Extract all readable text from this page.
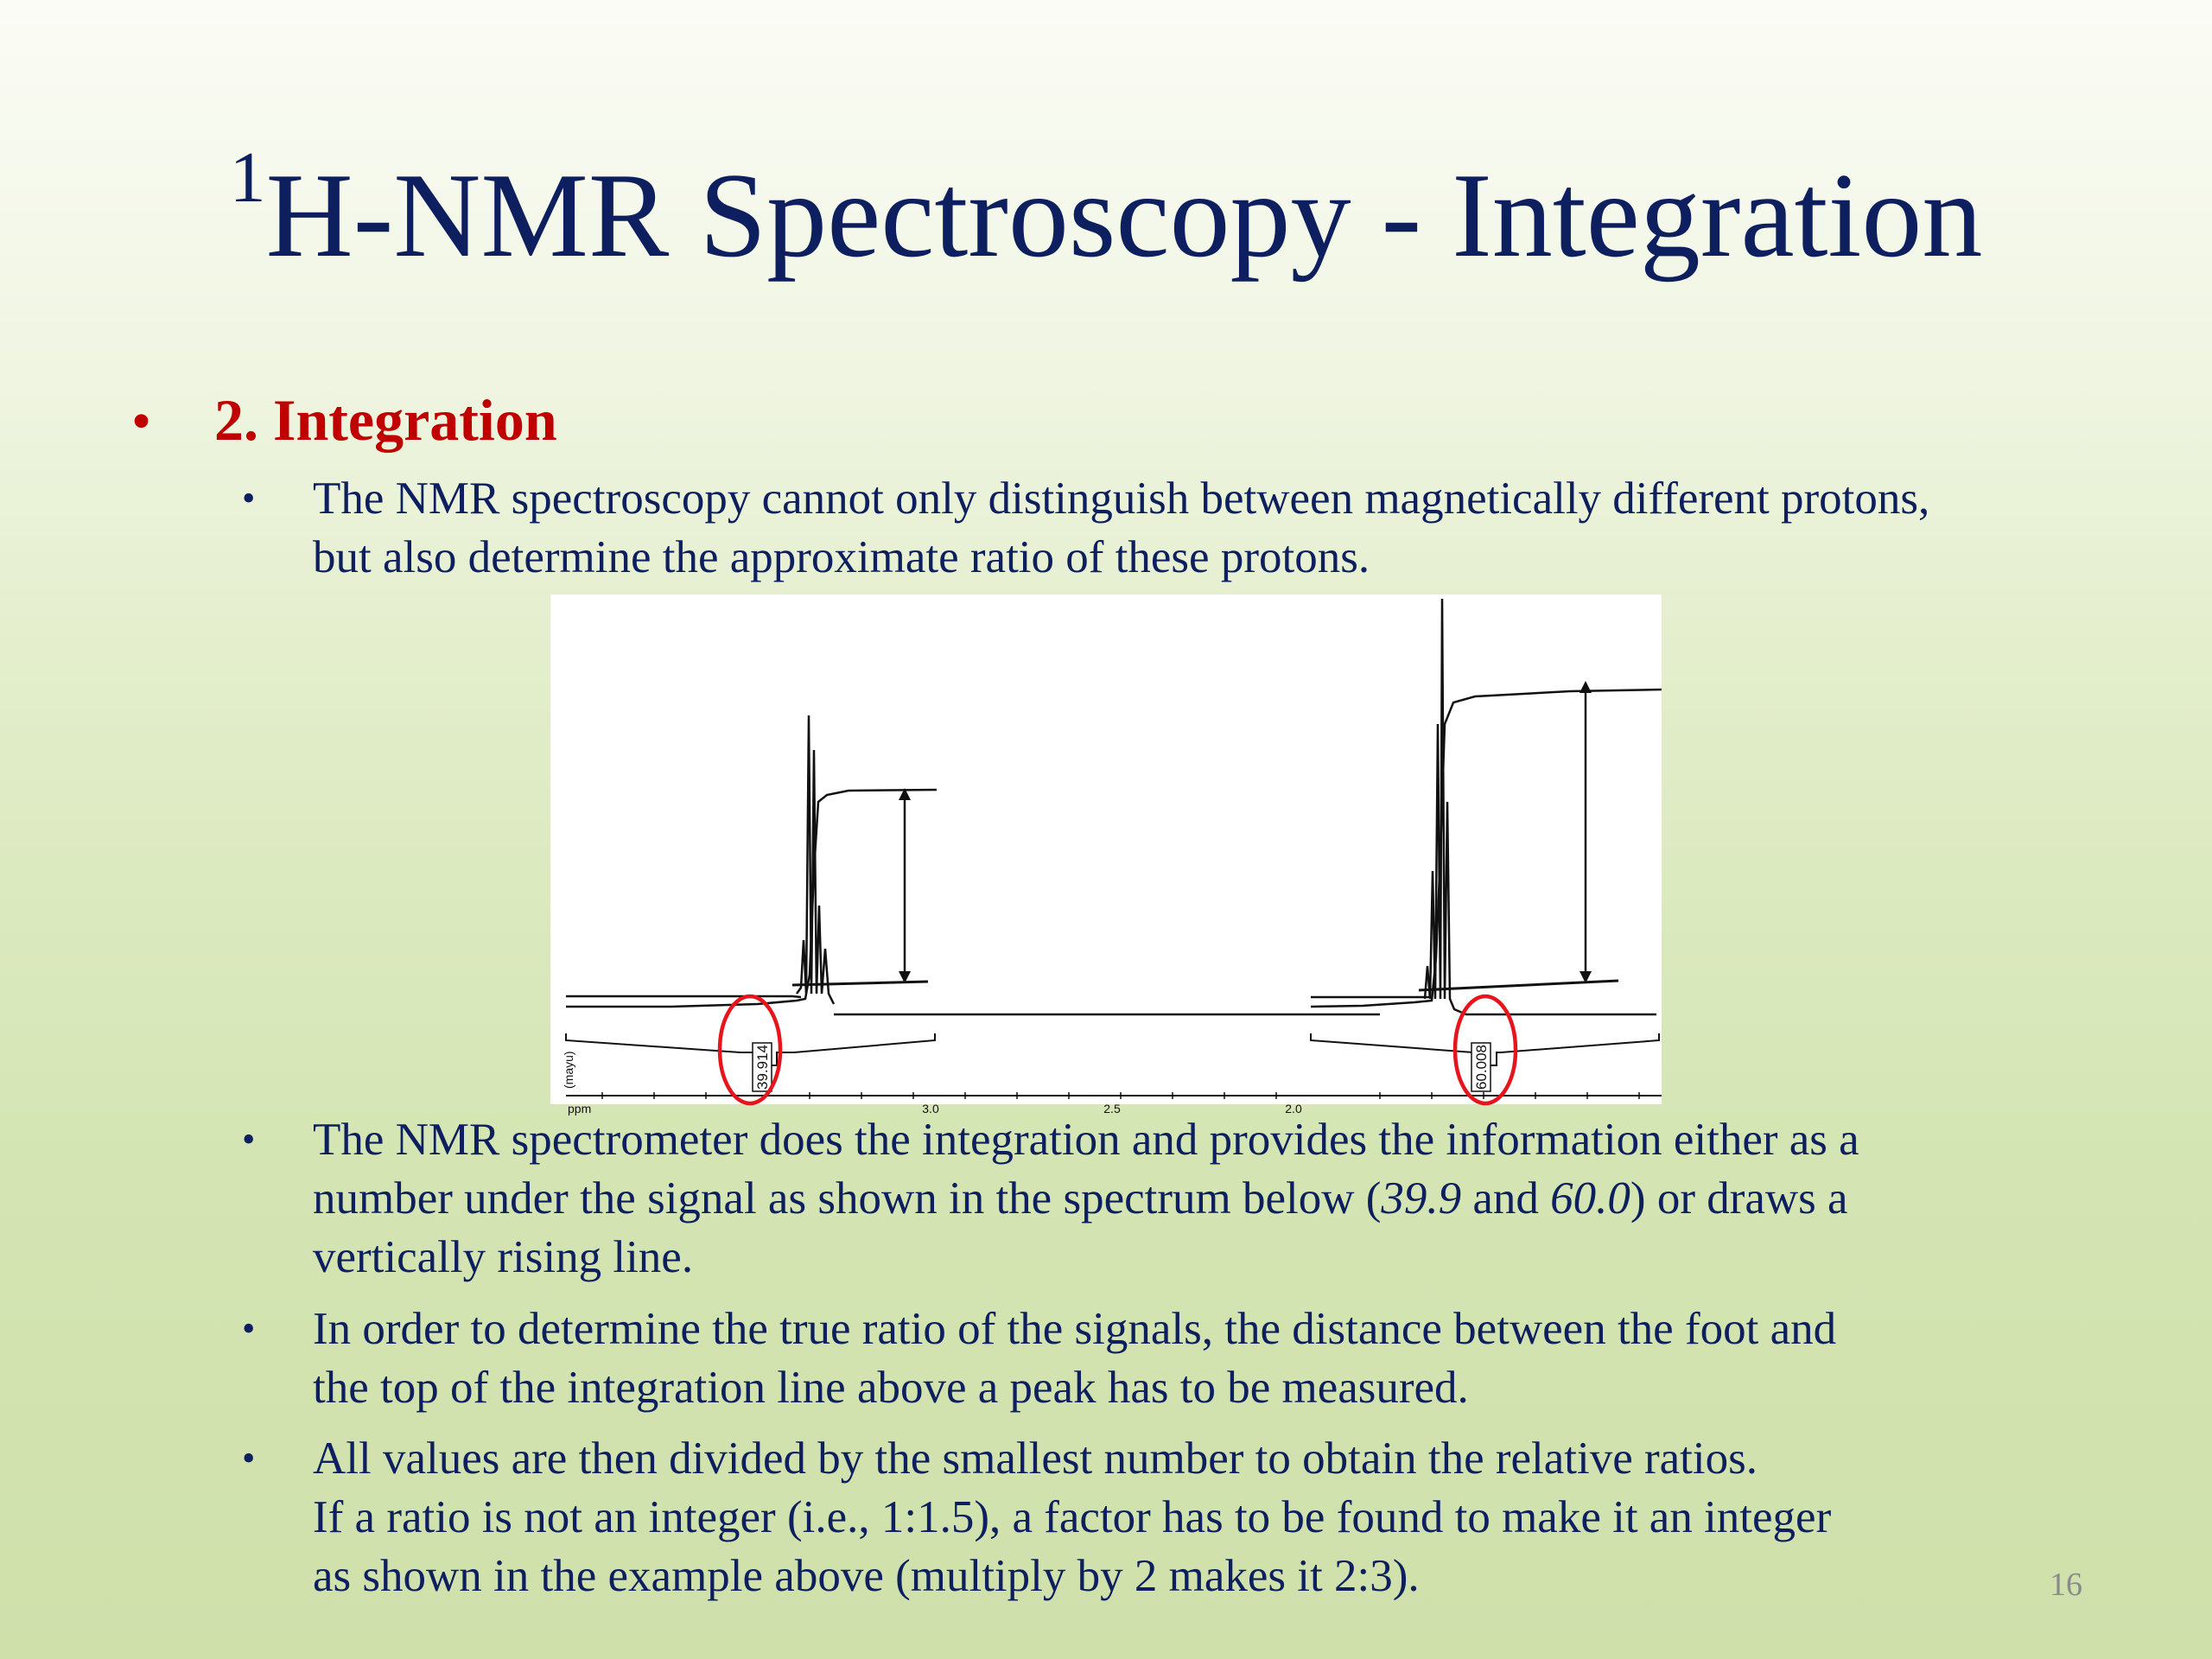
$^1$H-NMR Spectroscopy - Integration
• 2. Integration
• The NMR spectroscopy cannot only distinguish between magnetically different protons,
but also determine the approximate ratio of these protons.
39.914	60.008
(mayu)
ppm	3.0	2.5	2.0
• The NMR spectrometer does the integration and provides the information either as a
number under the signal as shown in the spectrum below (39.9 and 60.0) or draws a
vertically rising line.
• In order to determine the true ratio of the signals, the distance between the foot and
the top of the integration line above a peak has to be measured.
• All values are then divided by the smallest number to obtain the relative ratios.
If a ratio is not an integer (i.e., 1:1.5), a factor has to be found to make it an integer
as shown in the example above (multiply by 2 makes it 2:3).	16
